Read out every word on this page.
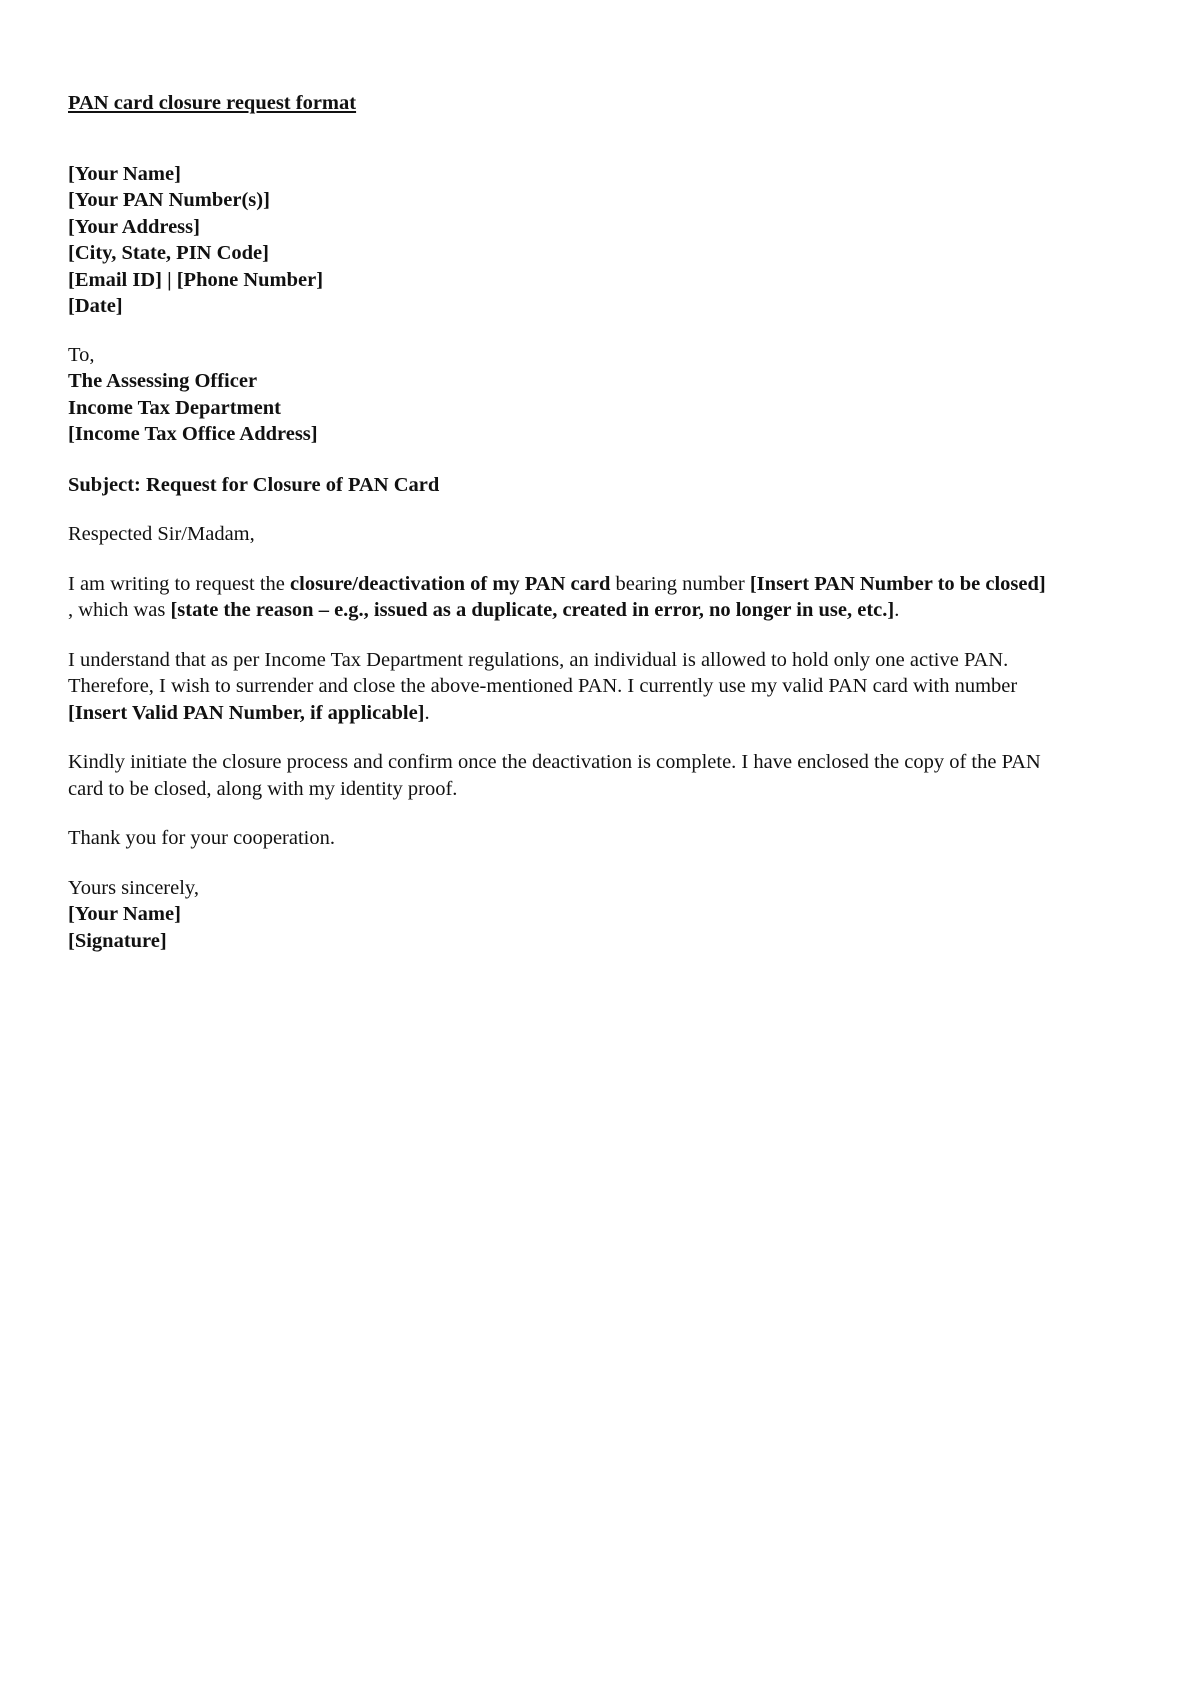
PAN card closure request format
[Your Name]
[Your PAN Number(s)]
[Your Address]
[City, State, PIN Code]
[Email ID] | [Phone Number]
[Date]
To,
The Assessing Officer
Income Tax Department
[Income Tax Office Address]
Subject: Request for Closure of PAN Card
Respected Sir/Madam,

I am writing to request the closure/deactivation of my PAN card bearing number [Insert PAN Number to be closed]

, which was [state the reason – e.g., issued as a duplicate, created in error, no longer in use, etc.].

I understand that as per Income Tax Department regulations, an individual is allowed to hold only one active PAN.

Therefore, I wish to surrender and close the above-mentioned PAN. I currently use my valid PAN card with number

[Insert Valid PAN Number, if applicable].

Kindly initiate the closure process and confirm once the deactivation is complete. I have enclosed the copy of the PAN

card to be closed, along with my identity proof.

Thank you for your cooperation.
Yours sincerely,
[Your Name]
[Signature]
